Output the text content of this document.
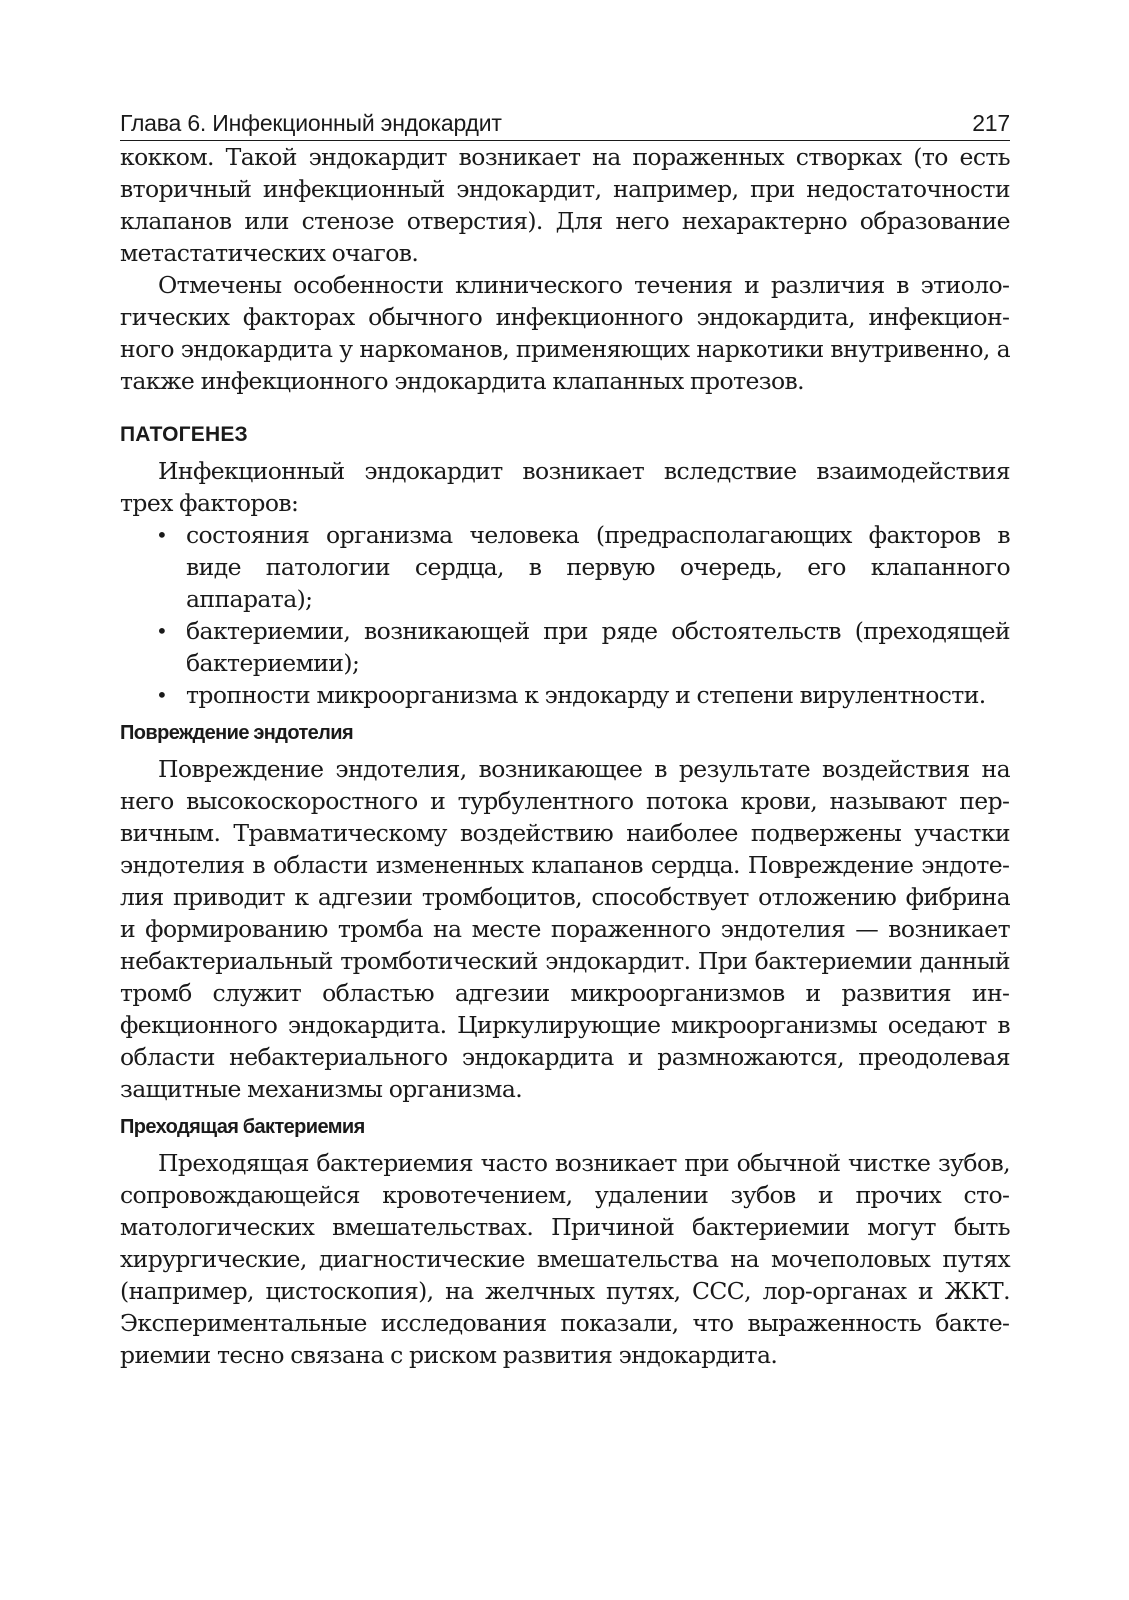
Глава 6. Инфекционный эндокардит	217

кокком. Такой эндокардит возникает на пораженных створках (то есть вторичный инфекционный эндокардит, например, при недостаточности клапанов или стенозе отверстия). Для него нехарактерно образование метастатических очагов.

Отмечены особенности клинического течения и различия в этиологических факторах обычного инфекционного эндокардита, инфекционного эндокардита у наркоманов, применяющих наркотики внутривенно, а также инфекционного эндокардита клапанных протезов.

ПАТОГЕНЕЗ

Инфекционный эндокардит возникает вследствие взаимодействия трех факторов:

• состояния организма человека (предрасполагающих факторов в виде патологии сердца, в первую очередь, его клапанного аппарата);
• бактериемии, возникающей при ряде обстоятельств (преходящей бактериемии);
• тропности микроорганизма к эндокарду и степени вирулентности.
Повреждение эндотелия

Повреждение эндотелия, возникающее в результате воздействия на него высокоскоростного и турбулентного потока крови, называют первичным. Травматическому воздействию наиболее подвержены участки эндотелия в области измененных клапанов сердца. Повреждение эндотелия приводит к адгезии тромбоцитов, способствует отложению фибрина и формированию тромба на месте пораженного эндотелия — возникает небактериальный тромботический эндокардит. При бактериемии данный тромб служит областью адгезии микроорганизмов и развития инфекционного эндокардита. Циркулирующие микроорганизмы оседают в области небактериального эндокардита и размножаются, преодолевая защитные механизмы организма.

Преходящая бактериемия

Преходящая бактериемия часто возникает при обычной чистке зубов, сопровождающейся кровотечением, удалении зубов и прочих стоматологических вмешательствах. Причиной бактериемии могут быть хирургические, диагностические вмешательства на мочеполовых путях (например, цистоскопия), на желчных путях, ССС, лор-органах и ЖКТ. Экспериментальные исследования показали, что выраженность бактериемии тесно связана с риском развития эндокардита.
